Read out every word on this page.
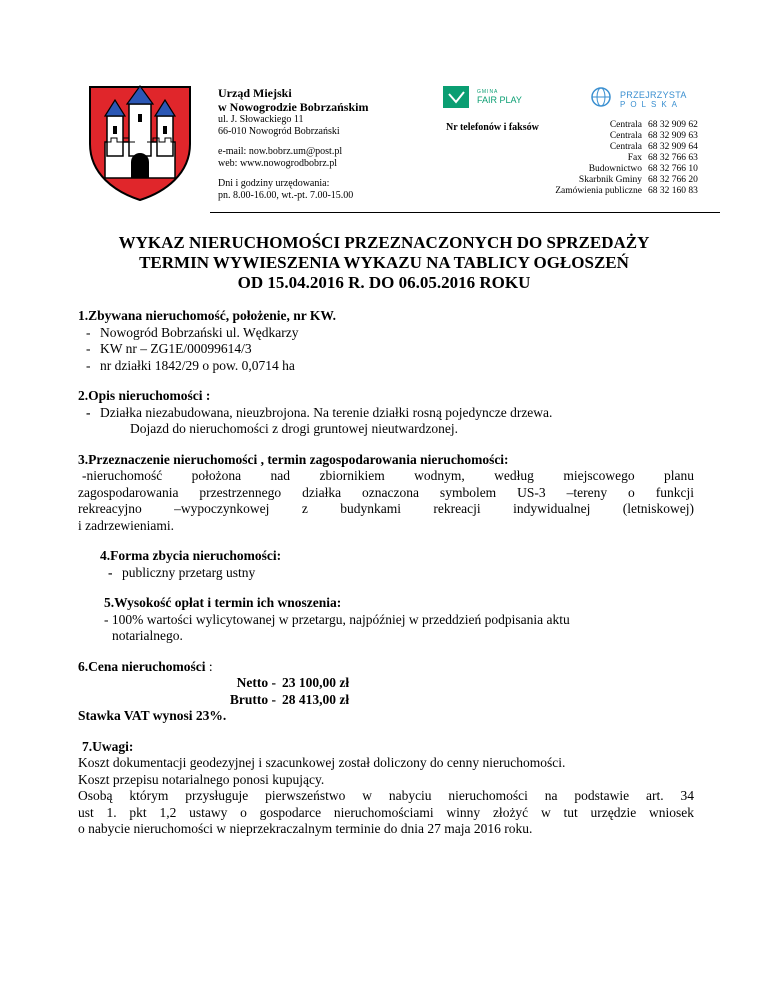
Urząd Miejski
w Nowogrodzie Bobrzańskim
ul. J. Słowackiego 11
66-010 Nowogród Bobrzański
e-mail: now.bobrz.um@post.pl
web: www.nowogrodbobrz.pl
Dni i godziny urzędowania:
pn. 8.00-16.00, wt.-pt. 7.00-15.00

GMINA
FAIR PLAY
	PRZEJRZYSTA
POLSKA
Nr telefonów i faksów	Centrala	68 32 909 62
Centrala	68 32 909 63
Centrala	68 32 909 64
Fax	68 32 766 63
Budownictwo	68 32 766 10
Skarbnik Gminy	68 32 766 20
Zamówienia publiczne	68 32 160 83
WYKAZ NIERUCHOMOŚCI PRZEZNACZONYCH DO SPRZEDAŻY
TERMIN WYWIESZENIA WYKAZU NA TABLICY OGŁOSZEŃ
OD 15.04.2016 R. DO 06.05.2016 ROKU

1.Zbywana nieruchomość, położenie, nr KW.

- Nowogród Bobrzański ul. Wędkarzy
- KW nr – ZG1E/00099614/3
- nr działki 1842/29 o pow. 0,0714 ha

2.Opis nieruchomości :

- Działka niezabudowana, nieuzbrojona. Na terenie działki rosną pojedyncze drzewa.

Dojazd do nieruchomości z drogi gruntowej nieutwardzonej.

3.Przeznaczenie nieruchomości , termin zagospodarowania nieruchomości:

-nieruchomość położona nad zbiornikiem wodnym, według miejscowego planu

zagospodarowania przestrzennego działka oznaczona symbolem US-3 –tereny o funkcji

rekreacyjno –wypoczynkowej z budynkami rekreacji indywidualnej (letniskowej)

i zadrzewieniami.

4.Forma zbycia nieruchomości:

- publiczny przetarg ustny

5.Wysokość opłat i termin ich wnoszenia:

- 100% wartości wylicytowanej w przetargu, najpóźniej w przeddzień podpisania aktu

notarialnego.

6.Cena nieruchomości :

Netto - 23 100,00 zł
Brutto - 28 413,00 zł

Stawka VAT wynosi 23%.

7.Uwagi:

Koszt dokumentacji geodezyjnej i szacunkowej został doliczony do cenny nieruchomości.

Koszt przepisu notarialnego ponosi kupujący.

Osobą którym przysługuje pierwszeństwo w nabyciu nieruchomości na podstawie art. 34

ust 1. pkt 1,2 ustawy o gospodarce nieruchomościami winny złożyć w tut urzędzie wniosek

o nabycie nieruchomości w nieprzekraczalnym terminie do dnia 27 maja 2016 roku.
